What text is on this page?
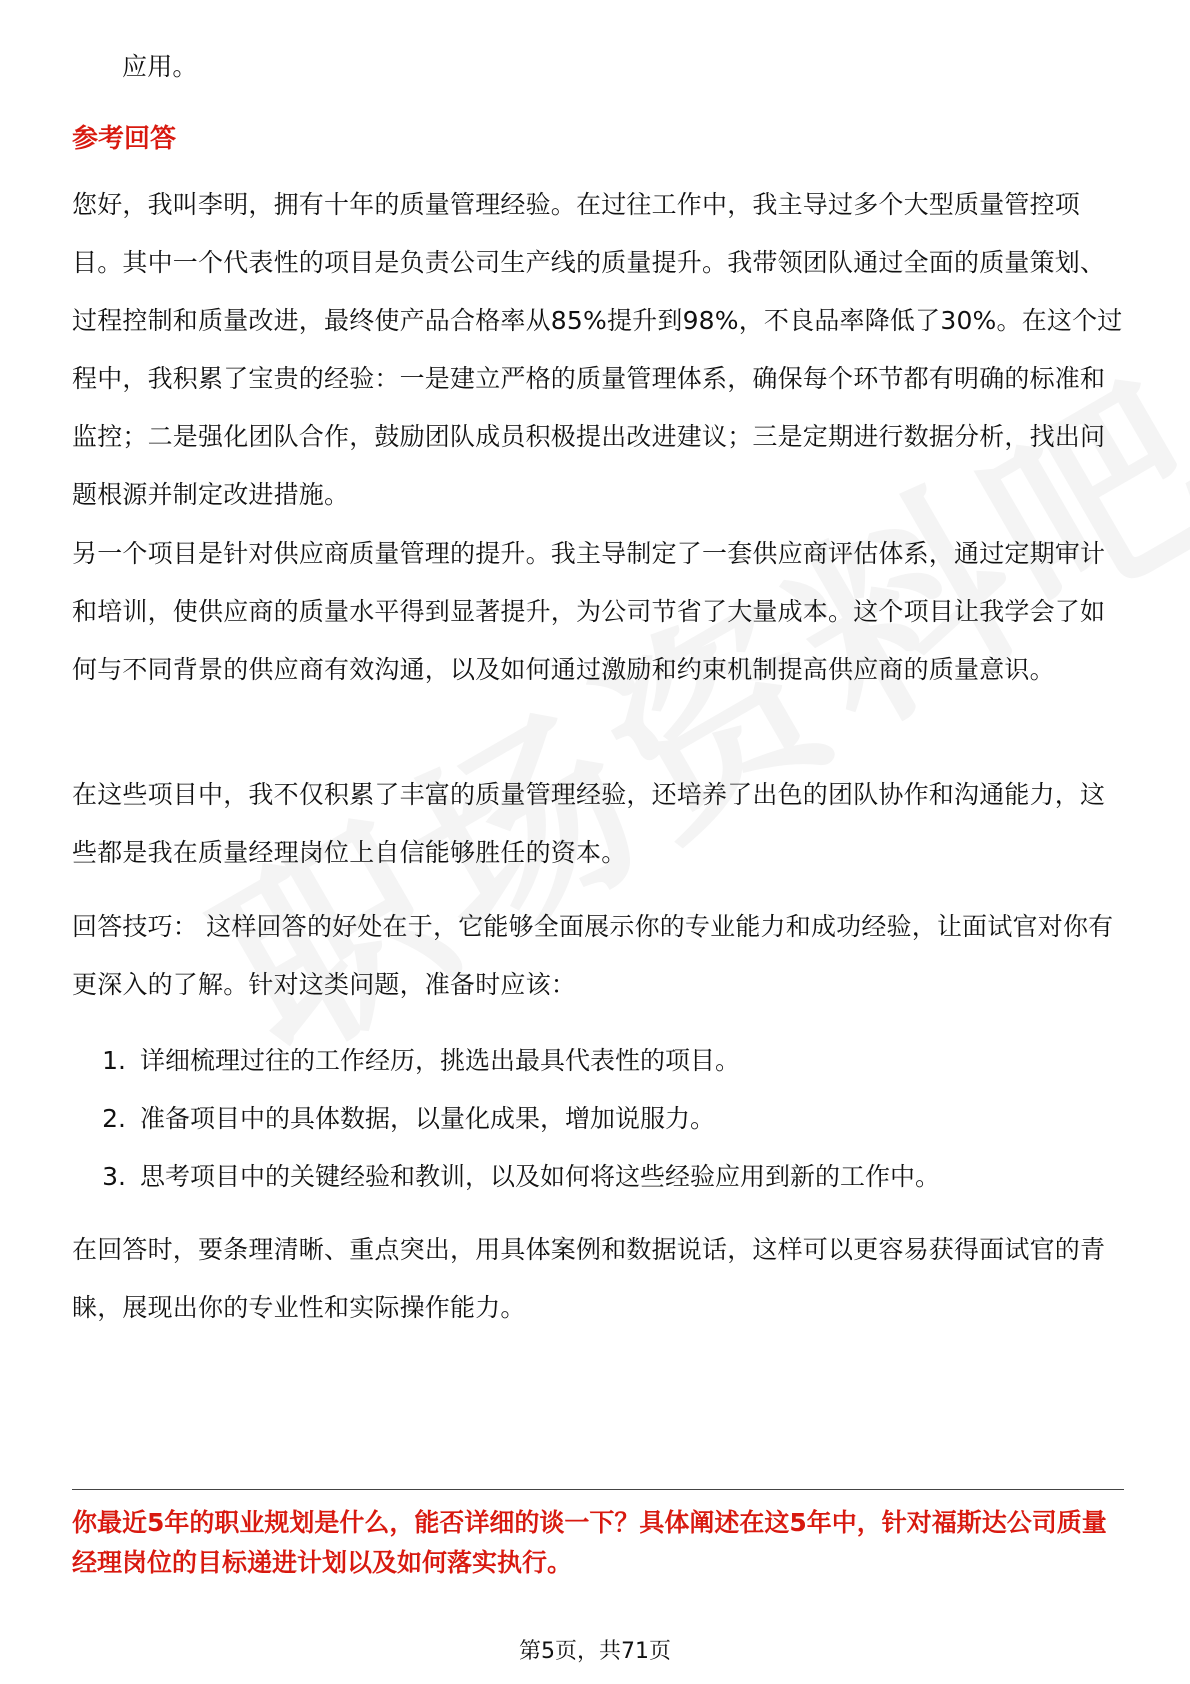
应用。

参考回答

您好，我叫李明，拥有十年的质量管理经验。在过往工作中，我主导过多个大型质量管控项目。其中一个代表性的项目是负责公司生产线的质量提升。我带领团队通过全面的质量策划、过程控制和质量改进，最终使产品合格率从85%提升到98%，不良品率降低了30%。在这个过程中，我积累了宝贵的经验：一是建立严格的质量管理体系，确保每个环节都有明确的标准和监控；二是强化团队合作，鼓励团队成员积极提出改进建议；三是定期进行数据分析，找出问题根源并制定改进措施。

另一个项目是针对供应商质量管理的提升。我主导制定了一套供应商评估体系，通过定期审计和培训，使供应商的质量水平得到显著提升，为公司节省了大量成本。这个项目让我学会了如何与不同背景的供应商有效沟通，以及如何通过激励和约束机制提高供应商的质量意识。

在这些项目中，我不仅积累了丰富的质量管理经验，还培养了出色的团队协作和沟通能力，这些都是我在质量经理岗位上自信能够胜任的资本。

回答技巧： 这样回答的好处在于，它能够全面展示你的专业能力和成功经验，让面试官对你有更深入的了解。针对这类问题，准备时应该：

1. 详细梳理过往的工作经历，挑选出最具代表性的项目。
2. 准备项目中的具体数据，以量化成果，增加说服力。
3. 思考项目中的关键经验和教训，以及如何将这些经验应用到新的工作中。

在回答时，要条理清晰、重点突出，用具体案例和数据说话，这样可以更容易获得面试官的青睐，展现出你的专业性和实际操作能力。

你最近5年的职业规划是什么，能否详细的谈一下？具体阐述在这5年中，针对福斯达公司质量经理岗位的目标递进计划以及如何落实执行。

第5页，共71页
